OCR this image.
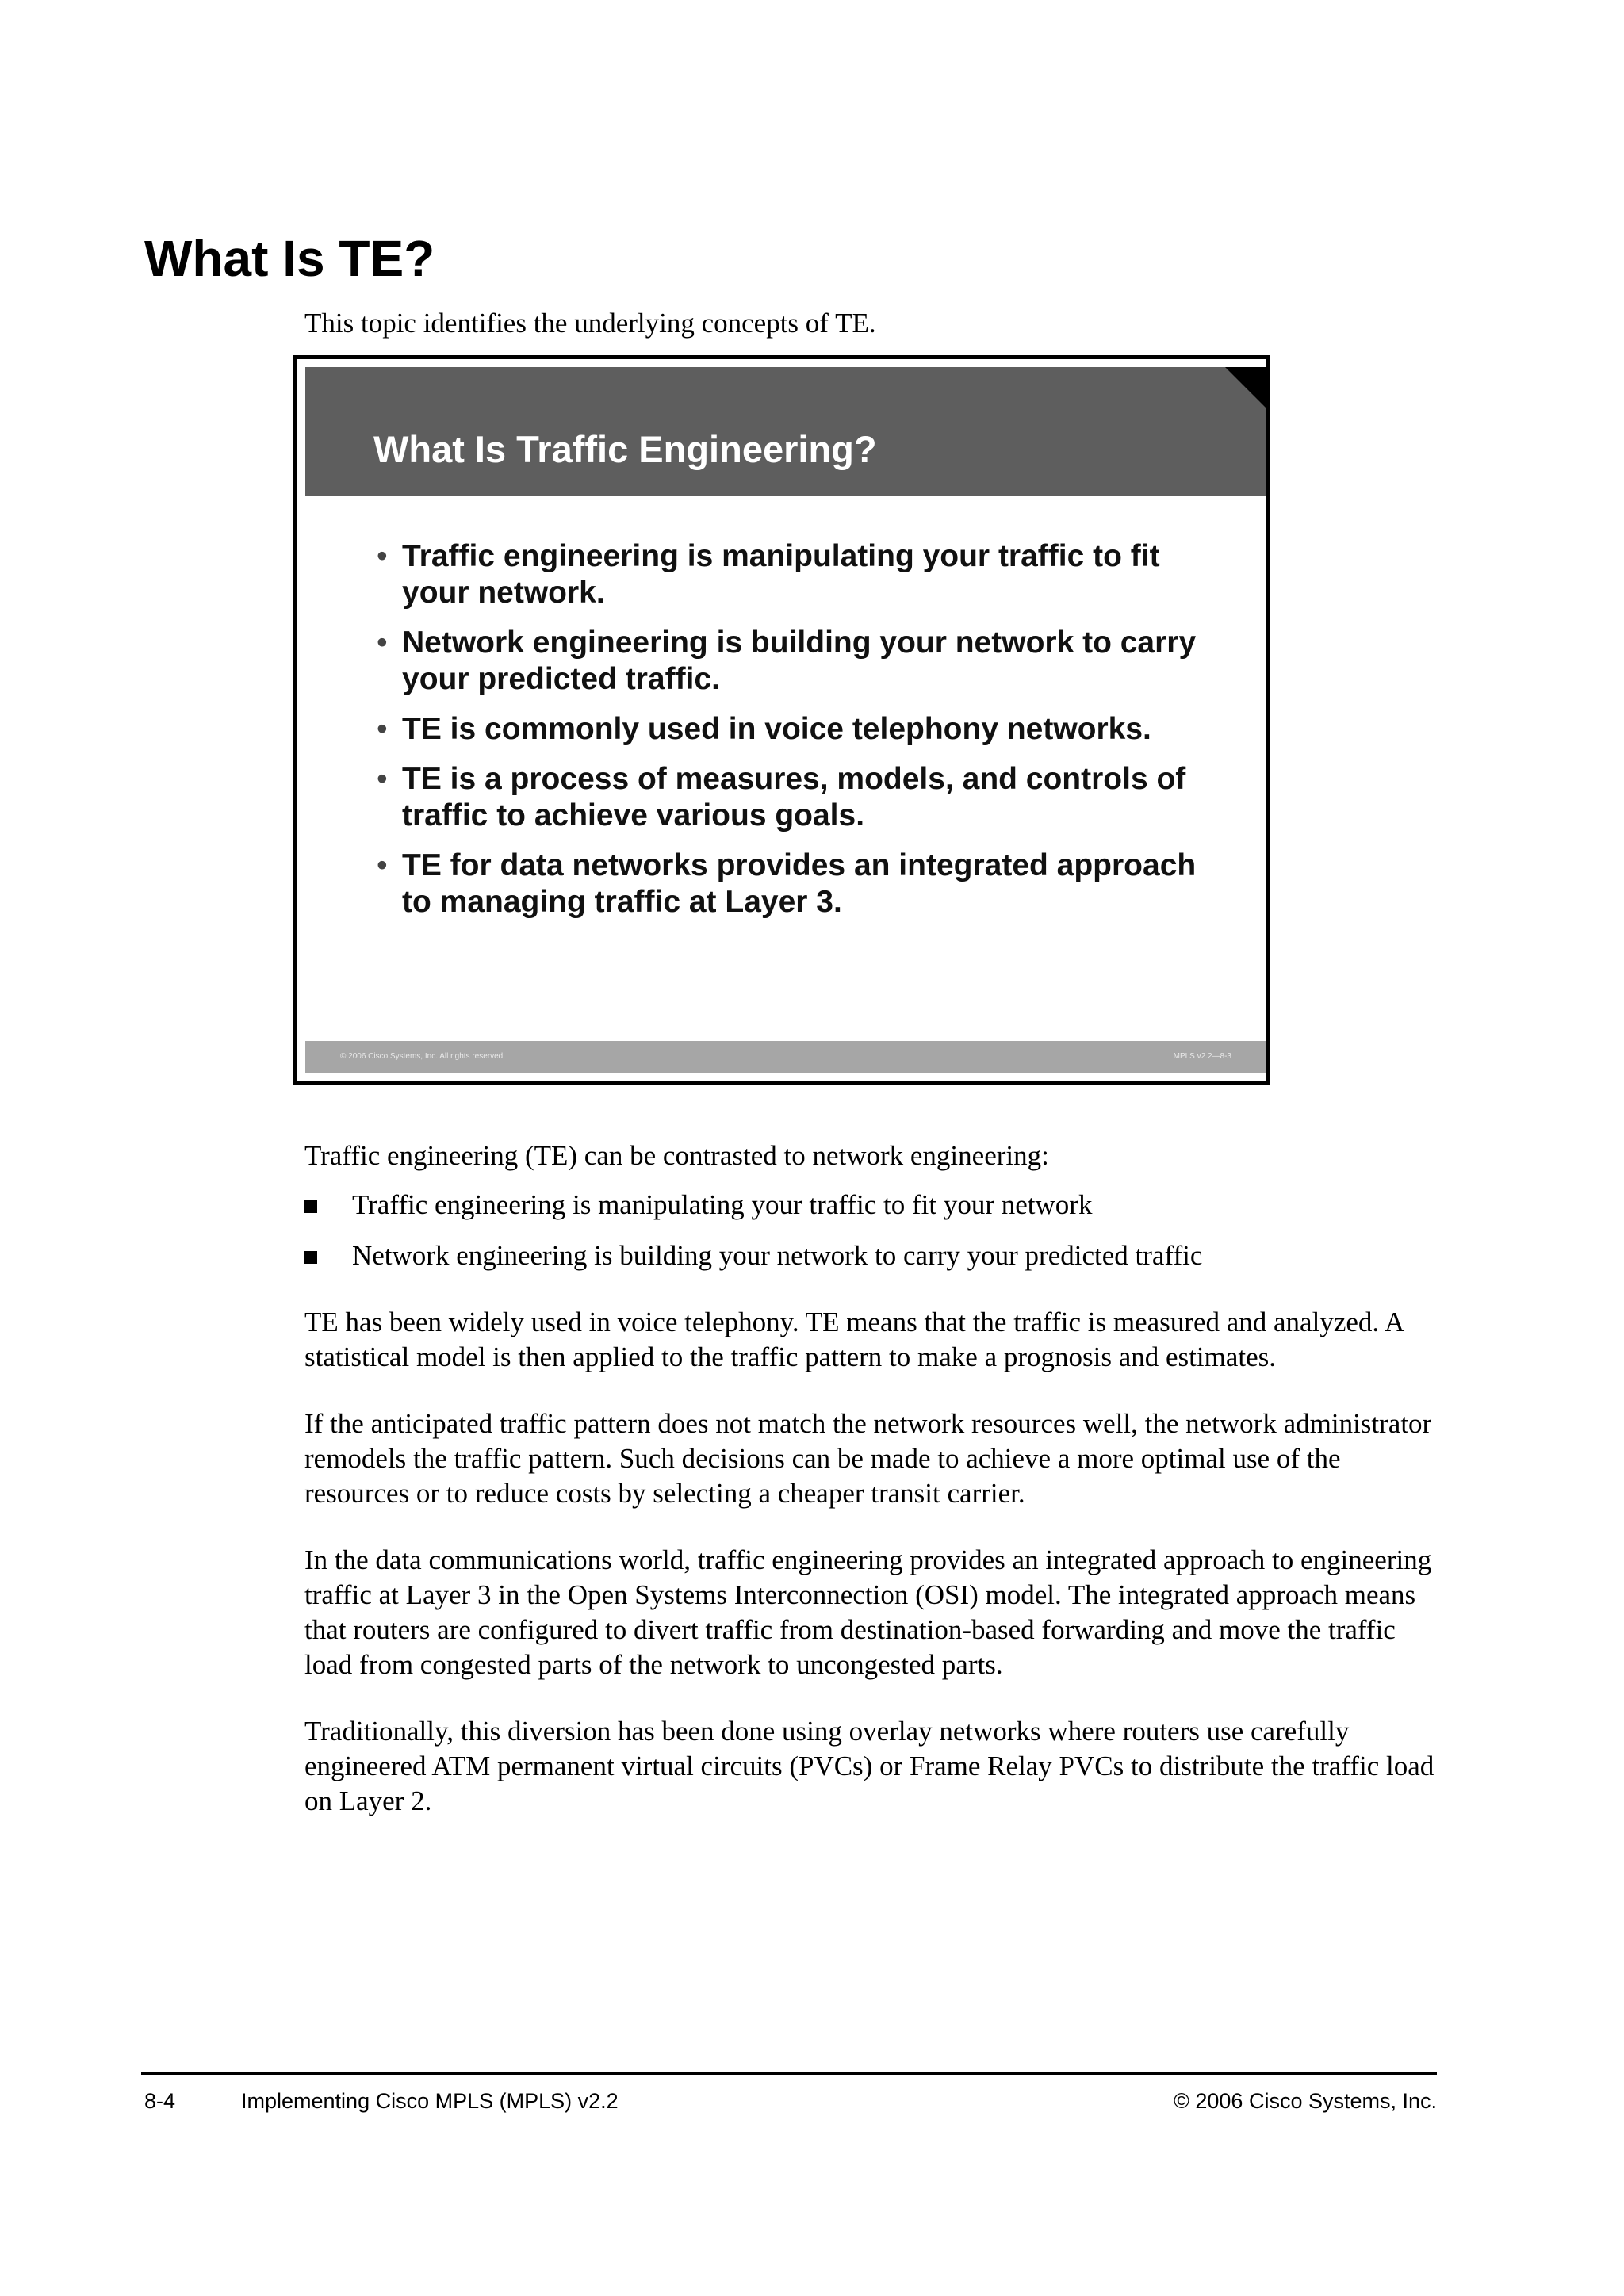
What Is TE?

This topic identifies the underlying concepts of TE.

What Is Traffic Engineering?
• Traffic engineering is manipulating your traffic to fit your network.
• Network engineering is building your network to carry your predicted traffic.
• TE is commonly used in voice telephony networks.
• TE is a process of measures, models, and controls of traffic to achieve various goals.
• TE for data networks provides an integrated approach to managing traffic at Layer 3.
© 2006 Cisco Systems, Inc. All rights reserved.	MPLS v2.2—8-3

Traffic engineering (TE) can be contrasted to network engineering:

Traffic engineering is manipulating your traffic to fit your network
Network engineering is building your network to carry your predicted traffic

TE has been widely used in voice telephony. TE means that the traffic is measured and analyzed. A statistical model is then applied to the traffic pattern to make a prognosis and estimates.

If the anticipated traffic pattern does not match the network resources well, the network administrator remodels the traffic pattern. Such decisions can be made to achieve a more optimal use of the resources or to reduce costs by selecting a cheaper transit carrier.

In the data communications world, traffic engineering provides an integrated approach to engineering traffic at Layer 3 in the Open Systems Interconnection (OSI) model. The integrated approach means that routers are configured to divert traffic from destination-based forwarding and move the traffic load from congested parts of the network to uncongested parts.

Traditionally, this diversion has been done using overlay networks where routers use carefully engineered ATM permanent virtual circuits (PVCs) or Frame Relay PVCs to distribute the traffic load on Layer 2.

8-4	Implementing Cisco MPLS (MPLS) v2.2	© 2006 Cisco Systems, Inc.
